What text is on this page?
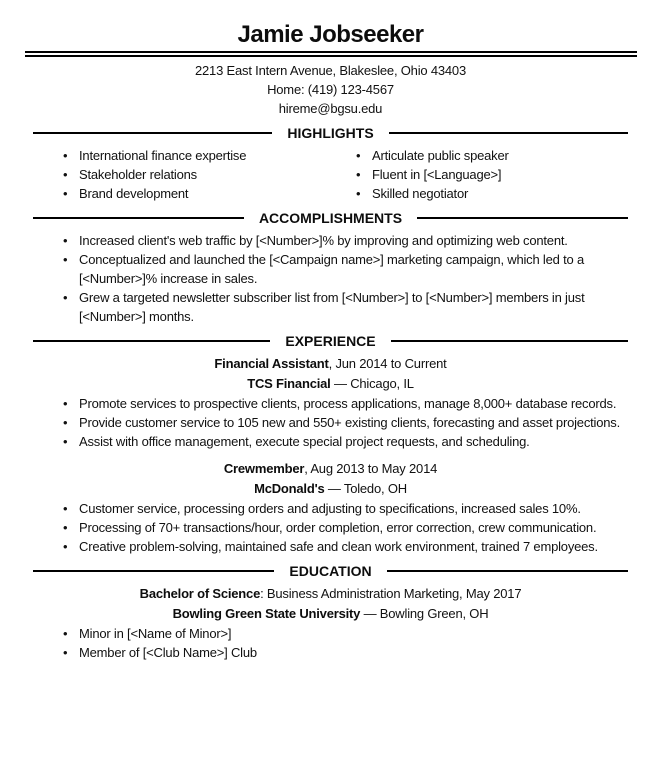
Jamie Jobseeker
2213 East Intern Avenue, Blakeslee, Ohio 43403
Home: (419) 123-4567
hireme@bgsu.edu
HIGHLIGHTS
• International finance expertise
• Stakeholder relations
• Brand development
• Articulate public speaker
• Fluent in [<Language>]
• Skilled negotiator
ACCOMPLISHMENTS
• Increased client's web traffic by [<Number>]% by improving and optimizing web content.
• Conceptualized and launched the [<Campaign name>] marketing campaign, which led to a [<Number>]% increase in sales.
• Grew a targeted newsletter subscriber list from [<Number>] to [<Number>] members in just [<Number>] months.
EXPERIENCE
Financial Assistant, Jun 2014 to Current
TCS Financial — Chicago, IL
• Promote services to prospective clients, process applications, manage 8,000+ database records.
• Provide customer service to 105 new and 550+ existing clients, forecasting and asset projections.
• Assist with office management, execute special project requests, and scheduling.
Crewmember, Aug 2013 to May 2014
McDonald's — Toledo, OH
• Customer service, processing orders and adjusting to specifications, increased sales 10%.
• Processing of 70+ transactions/hour, order completion, error correction, crew communication.
• Creative problem-solving, maintained safe and clean work environment, trained 7 employees.
EDUCATION
Bachelor of Science: Business Administration Marketing, May 2017
Bowling Green State University — Bowling Green, OH
• Minor in [<Name of Minor>]
• Member of [<Club Name>] Club
